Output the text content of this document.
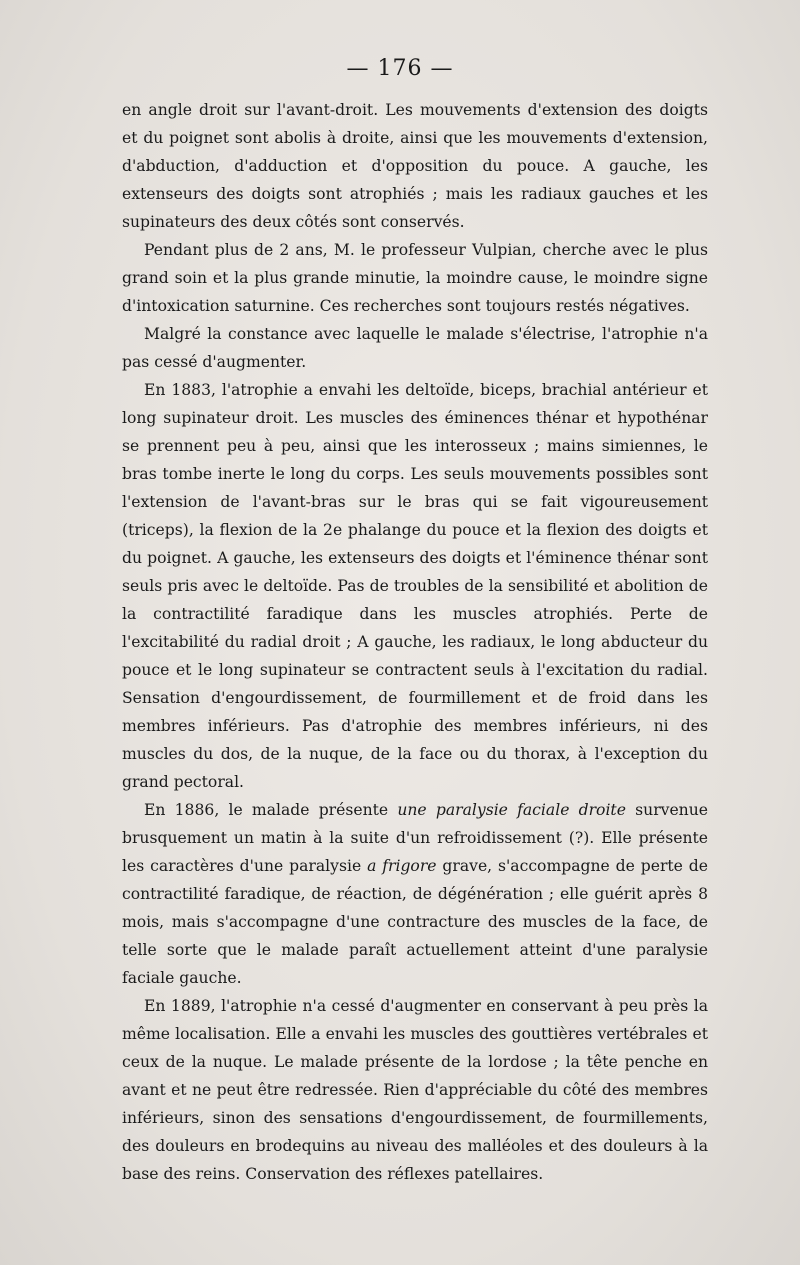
— 176 —

en angle droit sur l'avant-droit. Les mouvements d'extension des doigts et du poignet sont abolis à droite, ainsi que les mouvements d'extension, d'abduction, d'adduction et d'opposition du pouce. A gauche, les extenseurs des doigts sont atrophiés ; mais les radiaux gauches et les supinateurs des deux côtés sont conservés.

Pendant plus de 2 ans, M. le professeur Vulpian, cherche avec le plus grand soin et la plus grande minutie, la moindre cause, le moindre signe d'intoxication saturnine. Ces recherches sont toujours restés négatives.

Malgré la constance avec laquelle le malade s'électrise, l'atrophie n'a pas cessé d'augmenter.

En 1883, l'atrophie a envahi les deltoïde, biceps, brachial antérieur et long supinateur droit. Les muscles des éminences thénar et hypothénar se prennent peu à peu, ainsi que les interosseux ; mains simiennes, le bras tombe inerte le long du corps. Les seuls mouvements possibles sont l'extension de l'avant-bras sur le bras qui se fait vigoureusement (triceps), la flexion de la 2e phalange du pouce et la flexion des doigts et du poignet. A gauche, les extenseurs des doigts et l'éminence thénar sont seuls pris avec le deltoïde. Pas de troubles de la sensibilité et abolition de la contractilité faradique dans les muscles atrophiés. Perte de l'excitabilité du radial droit ; A gauche, les radiaux, le long abducteur du pouce et le long supinateur se contractent seuls à l'excitation du radial. Sensation d'engourdissement, de fourmillement et de froid dans les membres inférieurs. Pas d'atrophie des membres inférieurs, ni des muscles du dos, de la nuque, de la face ou du thorax, à l'exception du grand pectoral.

En 1886, le malade présente une paralysie faciale droite survenue brusquement un matin à la suite d'un refroidissement (?). Elle présente les caractères d'une paralysie a frigore grave, s'accompagne de perte de contractilité faradique, de réaction, de dégénération ; elle guérit après 8 mois, mais s'accompagne d'une contracture des muscles de la face, de telle sorte que le malade paraît actuellement atteint d'une paralysie faciale gauche.

En 1889, l'atrophie n'a cessé d'augmenter en conservant à peu près la même localisation. Elle a envahi les muscles des gouttières vertébrales et ceux de la nuque. Le malade présente de la lordose ; la tête penche en avant et ne peut être redressée. Rien d'appréciable du côté des membres inférieurs, sinon des sensations d'engourdissement, de fourmillements, des douleurs en brodequins au niveau des malléoles et des douleurs à la base des reins. Conservation des réflexes patellaires.
